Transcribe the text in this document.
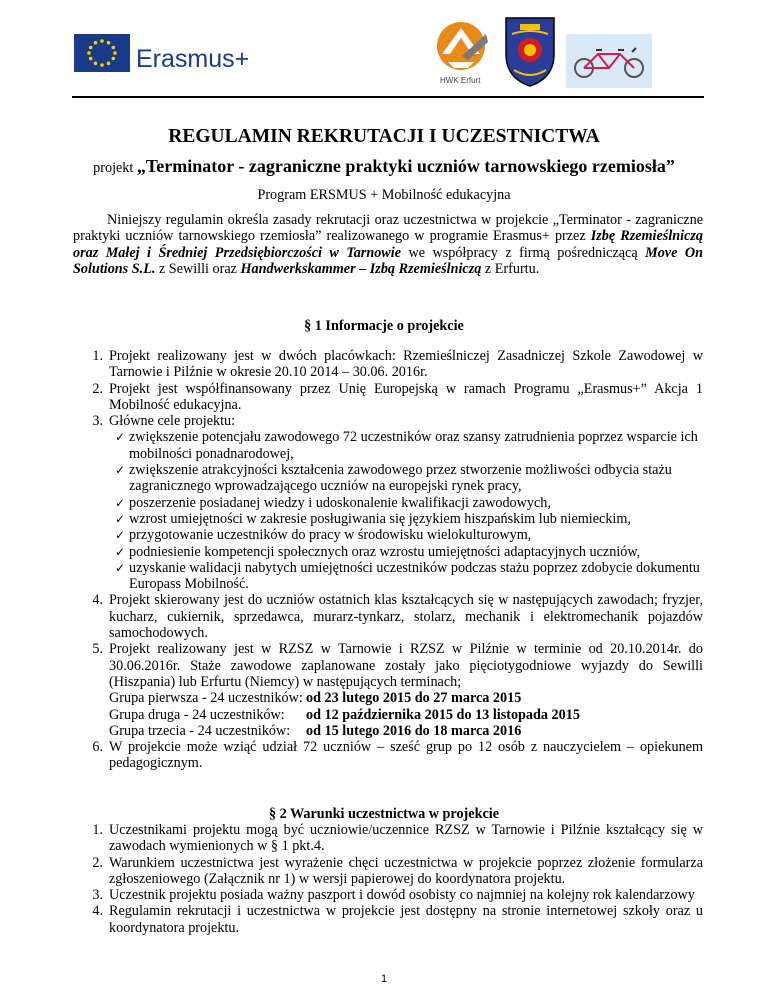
Erasmus+
HWK Erfurt
REGULAMIN REKRUTACJI I UCZESTNICTWA
projekt „Terminator - zagraniczne praktyki uczniów tarnowskiego rzemiosła”
Program ERSMUS + Mobilność edukacyjna
Niniejszy regulamin określa zasady rekrutacji oraz uczestnictwa w projekcie „Terminator - zagraniczne praktyki uczniów tarnowskiego rzemiosła” realizowanego w programie Erasmus+ przez Izbę Rzemieślniczą oraz Małej i Średniej Przedsiębiorczości w Tarnowie we współpracy z firmą pośredniczącą Move On Solutions S.L. z Sewilli oraz Handwerkskammer – Izbą Rzemieślniczą z Erfurtu.
§ 1 Informacje o projekcie
1. Projekt realizowany jest w dwóch placówkach: Rzemieślniczej Zasadniczej Szkole Zawodowej w Tarnowie i Pilźnie w okresie 20.10 2014 – 30.06. 2016r.
2. Projekt jest współfinansowany przez Unię Europejską w ramach Programu „Erasmus+” Akcja 1 Mobilność edukacyjna.
3. Główne cele projektu:
✓ zwiększenie potencjału zawodowego 72 uczestników oraz szansy zatrudnienia poprzez wsparcie ich mobilności ponadnarodowej,
✓ zwiększenie atrakcyjności kształcenia zawodowego przez stworzenie możliwości odbycia stażu zagranicznego wprowadzającego uczniów na europejski rynek pracy,
✓ poszerzenie posiadanej wiedzy i udoskonalenie kwalifikacji zawodowych,
✓ wzrost umiejętności w zakresie posługiwania się językiem hiszpańskim lub niemieckim,
✓ przygotowanie uczestników do pracy w środowisku wielokulturowym,
✓ podniesienie kompetencji społecznych oraz wzrostu umiejętności adaptacyjnych uczniów,
✓ uzyskanie walidacji nabytych umiejętności uczestników podczas stażu poprzez zdobycie dokumentu Europass Mobilność.
4. Projekt skierowany jest do uczniów ostatnich klas kształcących się w następujących zawodach; fryzjer, kucharz, cukiernik, sprzedawca, murarz-tynkarz, stolarz, mechanik i elektromechanik pojazdów samochodowych.
5. Projekt realizowany jest w RZSZ w Tarnowie i RZSZ w Pilźnie w terminie od 20.10.2014r. do 30.06.2016r. Staże zawodowe zaplanowane zostały jako pięciotygodniowe wyjazdy do Sewilli (Hiszpania) lub Erfurtu (Niemcy) w następujących terminach;
Grupa pierwsza - 24 uczestników: od 23 lutego 2015 do 27 marca 2015
Grupa druga - 24 uczestników:	od 12 października 2015 do 13 listopada 2015
Grupa trzecia - 24 uczestników:	od 15 lutego 2016 do 18 marca 2016
6. W projekcie może wziąć udział 72 uczniów – sześć grup po 12 osób z nauczycielem – opiekunem pedagogicznym.
§ 2 Warunki uczestnictwa w projekcie
1. Uczestnikami projektu mogą być uczniowie/uczennice RZSZ w Tarnowie i Pilźnie kształcący się w zawodach wymienionych w § 1 pkt.4.
2. Warunkiem uczestnictwa jest wyrażenie chęci uczestnictwa w projekcie poprzez złożenie formularza zgłoszeniowego (Załącznik nr 1) w wersji papierowej do koordynatora projektu.
3. Uczestnik projektu posiada ważny paszport i dowód osobisty co najmniej na kolejny rok kalendarzowy
4. Regulamin rekrutacji i uczestnictwa w projekcie jest dostępny na stronie internetowej szkoły oraz u koordynatora projektu.
1
